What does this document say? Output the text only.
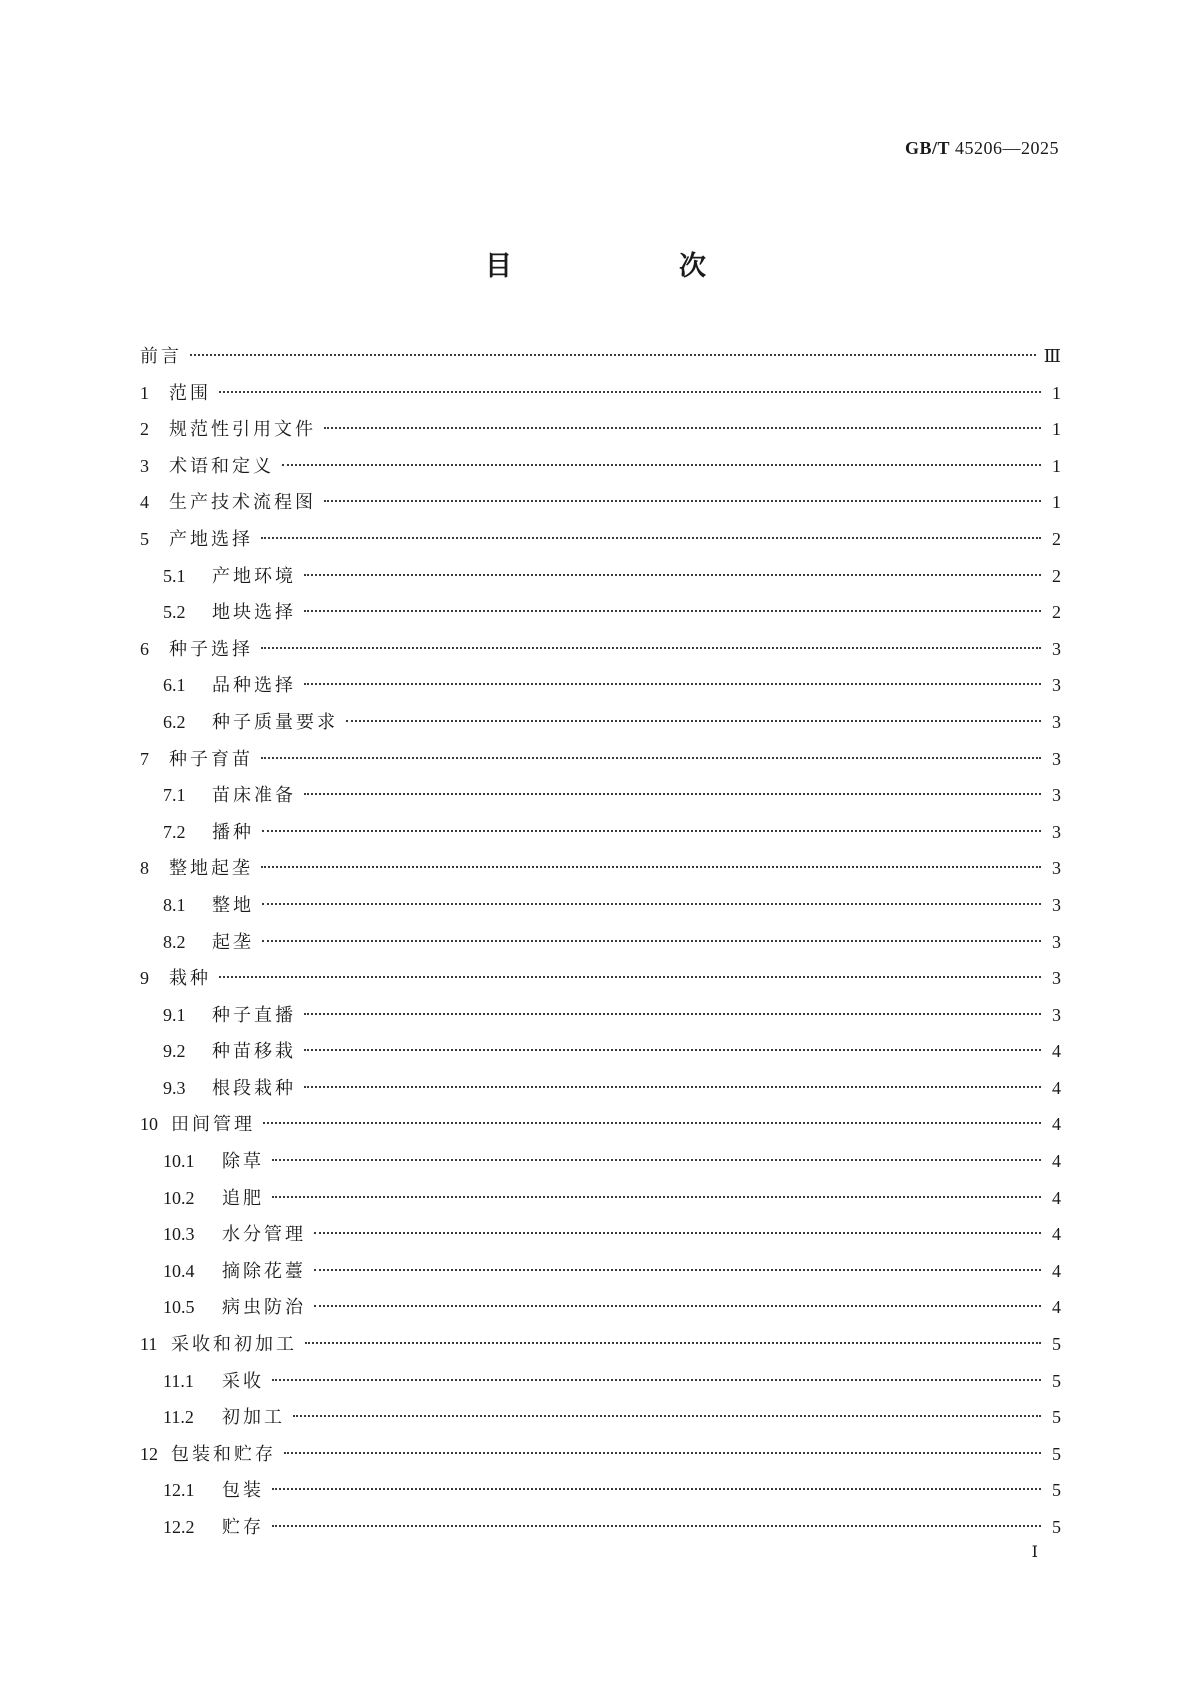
GB/T 45206—2025
目　次
前言	Ⅲ
1	范围	1
2	规范性引用文件	1
3	术语和定义	1
4	生产技术流程图	1
5	产地选择	2
5.1	产地环境	2
5.2	地块选择	2
6	种子选择	3
6.1	品种选择	3
6.2	种子质量要求	3
7	种子育苗	3
7.1	苗床准备	3
7.2	播种	3
8	整地起垄	3
8.1	整地	3
8.2	起垄	3
9	栽种	3
9.1	种子直播	3
9.2	种苗移栽	4
9.3	根段栽种	4
10 田间管理	4
10.1	除草	4
10.2	追肥	4
10.3	水分管理	4
10.4	摘除花薹	4
10.5	病虫防治	4
11 采收和初加工	5
11.1	采收	5
11.2	初加工	5
12 包装和贮存	5
12.1	包装	5
12.2	贮存	5
Ⅰ
